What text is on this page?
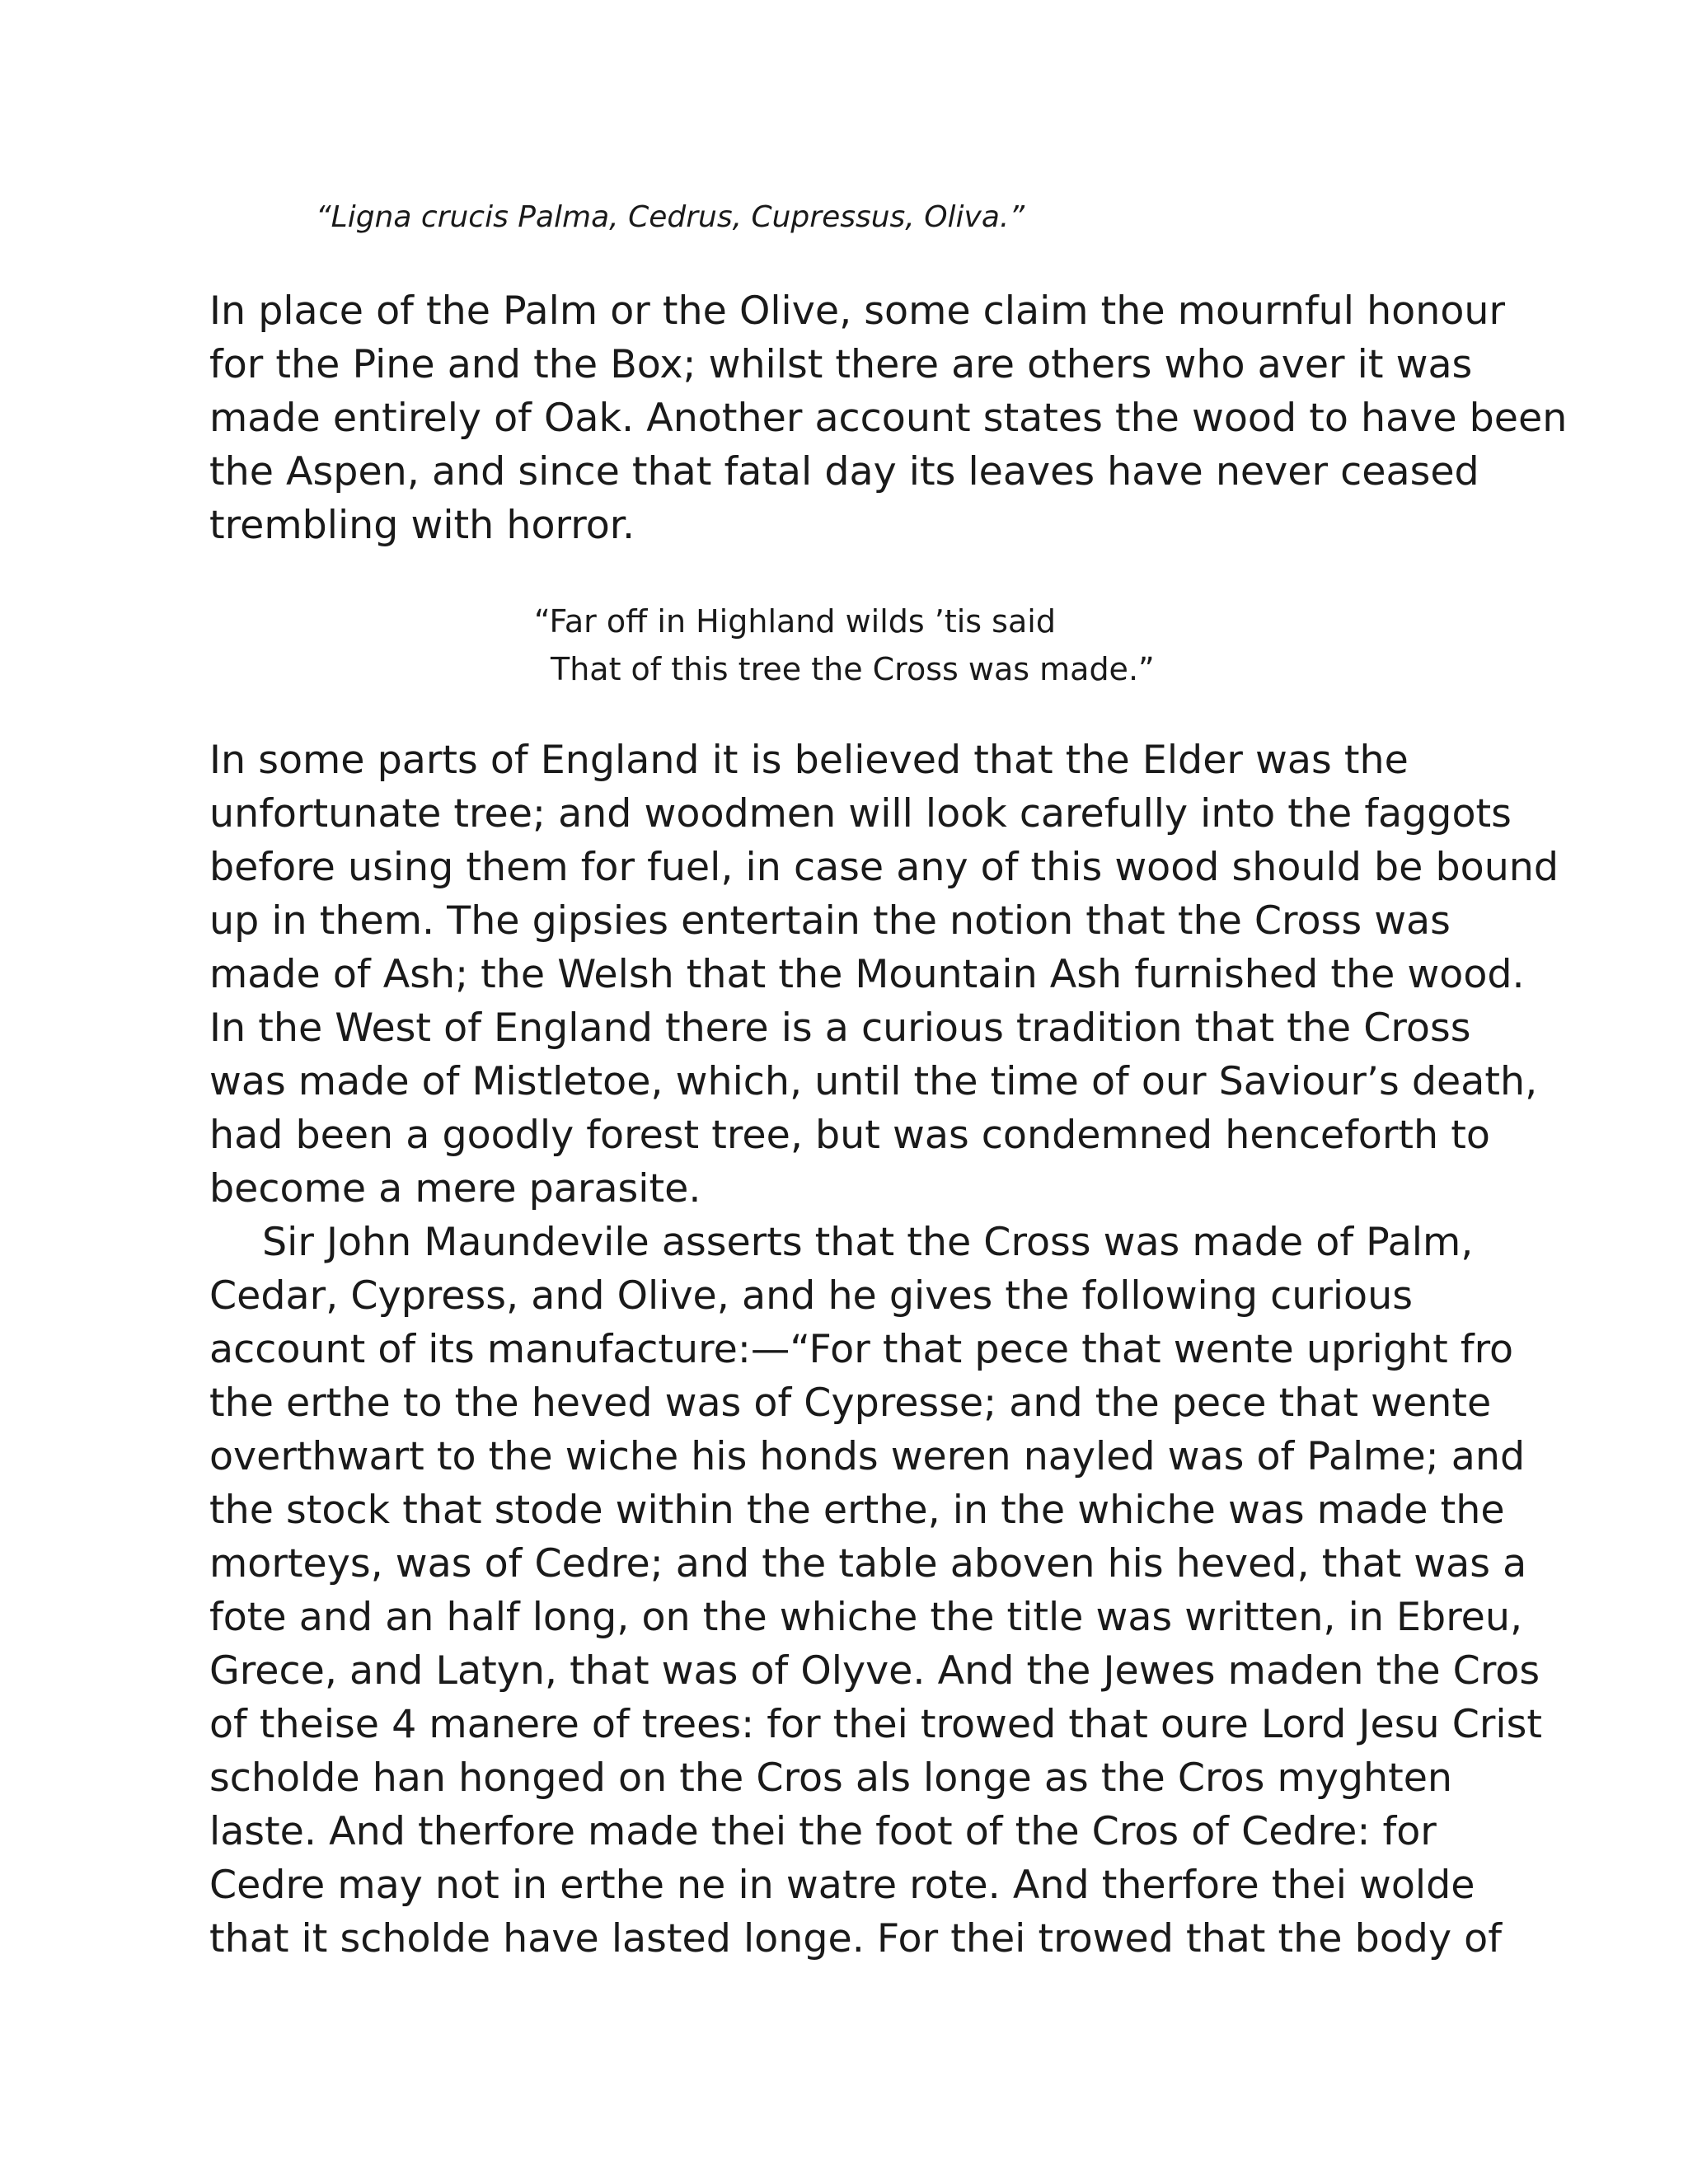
“Ligna crucis Palma, Cedrus, Cupressus, Oliva.”

In place of the Palm or the Olive, some claim the mournful honour
for the Pine and the Box; whilst there are others who aver it was
made entirely of Oak. Another account states the wood to have been
the Aspen, and since that fatal day its leaves have never ceased
trembling with horror.

“Far off in Highland wilds ’tis said
That of this tree the Cross was made.”

In some parts of England it is believed that the Elder was the
unfortunate tree; and woodmen will look carefully into the faggots
before using them for fuel, in case any of this wood should be bound
up in them. The gipsies entertain the notion that the Cross was
made of Ash; the Welsh that the Mountain Ash furnished the wood.
In the West of England there is a curious tradition that the Cross
was made of Mistletoe, which, until the time of our Saviour’s death,
had been a goodly forest tree, but was condemned henceforth to
become a mere parasite.

Sir John Maundevile asserts that the Cross was made of Palm,
Cedar, Cypress, and Olive, and he gives the following curious
account of its manufacture:—“For that pece that wente upright fro
the erthe to the heved was of Cypresse; and the pece that wente
overthwart to the wiche his honds weren nayled was of Palme; and
the stock that stode within the erthe, in the whiche was made the
morteys, was of Cedre; and the table aboven his heved, that was a
fote and an half long, on the whiche the title was written, in Ebreu,
Grece, and Latyn, that was of Olyve. And the Jewes maden the Cros
of theise 4 manere of trees: for thei trowed that oure Lord Jesu Crist
scholde han honged on the Cros als longe as the Cros myghten
laste. And therfore made thei the foot of the Cros of Cedre: for
Cedre may not in erthe ne in watre rote. And therfore thei wolde
that it scholde have lasted longe. For thei trowed that the body of
